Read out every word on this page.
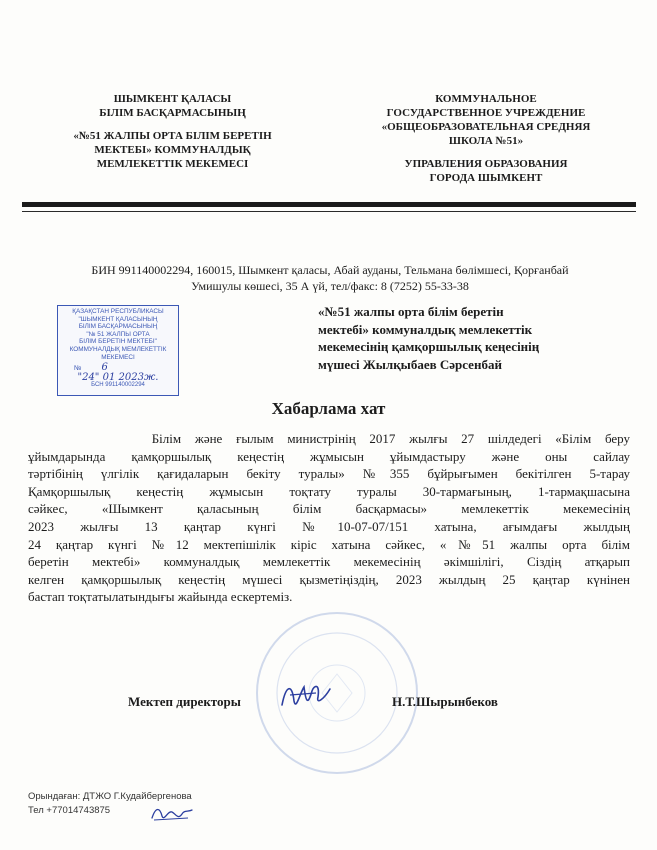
ШЫМКЕНТ ҚАЛАСЫ
БІЛІМ БАСҚАРМАСЫНЫҢ
«№51 ЖАЛПЫ ОРТА БІЛІМ БЕРЕТІН
МЕКТЕБІ» КОММУНАЛДЫҚ
МЕМЛЕКЕТТІК МЕКЕМЕСІ
КОММУНАЛЬНОЕ
ГОСУДАРСТВЕННОЕ УЧРЕЖДЕНИЕ
«ОБЩЕОБРАЗОВАТЕЛЬНАЯ СРЕДНЯЯ
ШКОЛА №51»
УПРАВЛЕНИЯ ОБРАЗОВАНИЯ
ГОРОДА ШЫМКЕНТ
БИН 991140002294, 160015, Шымкент қаласы, Абай ауданы, Тельмана бөлімшесі, Қорғанбай
Умишулы көшесі, 35 А үй, тел/факс: 8 (7252) 55-33-38
ҚАЗАҚСТАН РЕСПУБЛИКАСЫ
"ШЫМКЕНТ ҚАЛАСЫНЫҢ
БІЛІМ БАСҚАРМАСЫНЫҢ
"№ 51 ЖАЛПЫ ОРТА
БІЛІМ БЕРЕТІН МЕКТЕБІ"
КОММУНАЛДЫҚ МЕМЛЕКЕТТІК
МЕКЕМЕСІ
№ 6
"24" 01 2023ж.
БСН 991140002294
«№51 жалпы орта білім беретін
мектебі» коммуналдық мемлекеттік
мекемесінің қамқоршылық кеңесінің
мүшесі Жылқыбаев Сәрсенбай
Хабарлама хат

Білім және ғылым министрінің 2017 жылғы 27 шілдедегі «Білім беру

ұйымдарында қамқоршылық кеңестің жұмысын ұйымдастыру және оны сайлау

тәртібінің үлгілік қағидаларын бекіту туралы» №355 бұйрығымен бекітілген 5-тарау

Қамқоршылық кеңестің жұмысын тоқтату туралы 30-тармағының, 1-тармақшасына

сәйкес, «Шымкент қаласының білім басқармасы» мемлекеттік мекемесінің

2023 жылғы 13 қаңтар күнгі №10-07-07/151 хатына, ағымдағы жылдың

24 қаңтар күнгі №12 мектепішілік кіріс хатына сәйкес, «№51 жалпы орта білім

беретін мектебі» коммуналдық мемлекеттік мекемесінің әкімшілігі, Сіздің атқарып

келген қамқоршылық кеңестің мүшесі қызметіңіздің, 2023 жылдың 25 қаңтар күнінен

бастап тоқтатылатындығы жайында ескертеміз.

Мектеп директоры	Н.Т.Шырынбеков
Орындаған: ДТЖО Г.Кудайбергенова
Тел +77014743875
